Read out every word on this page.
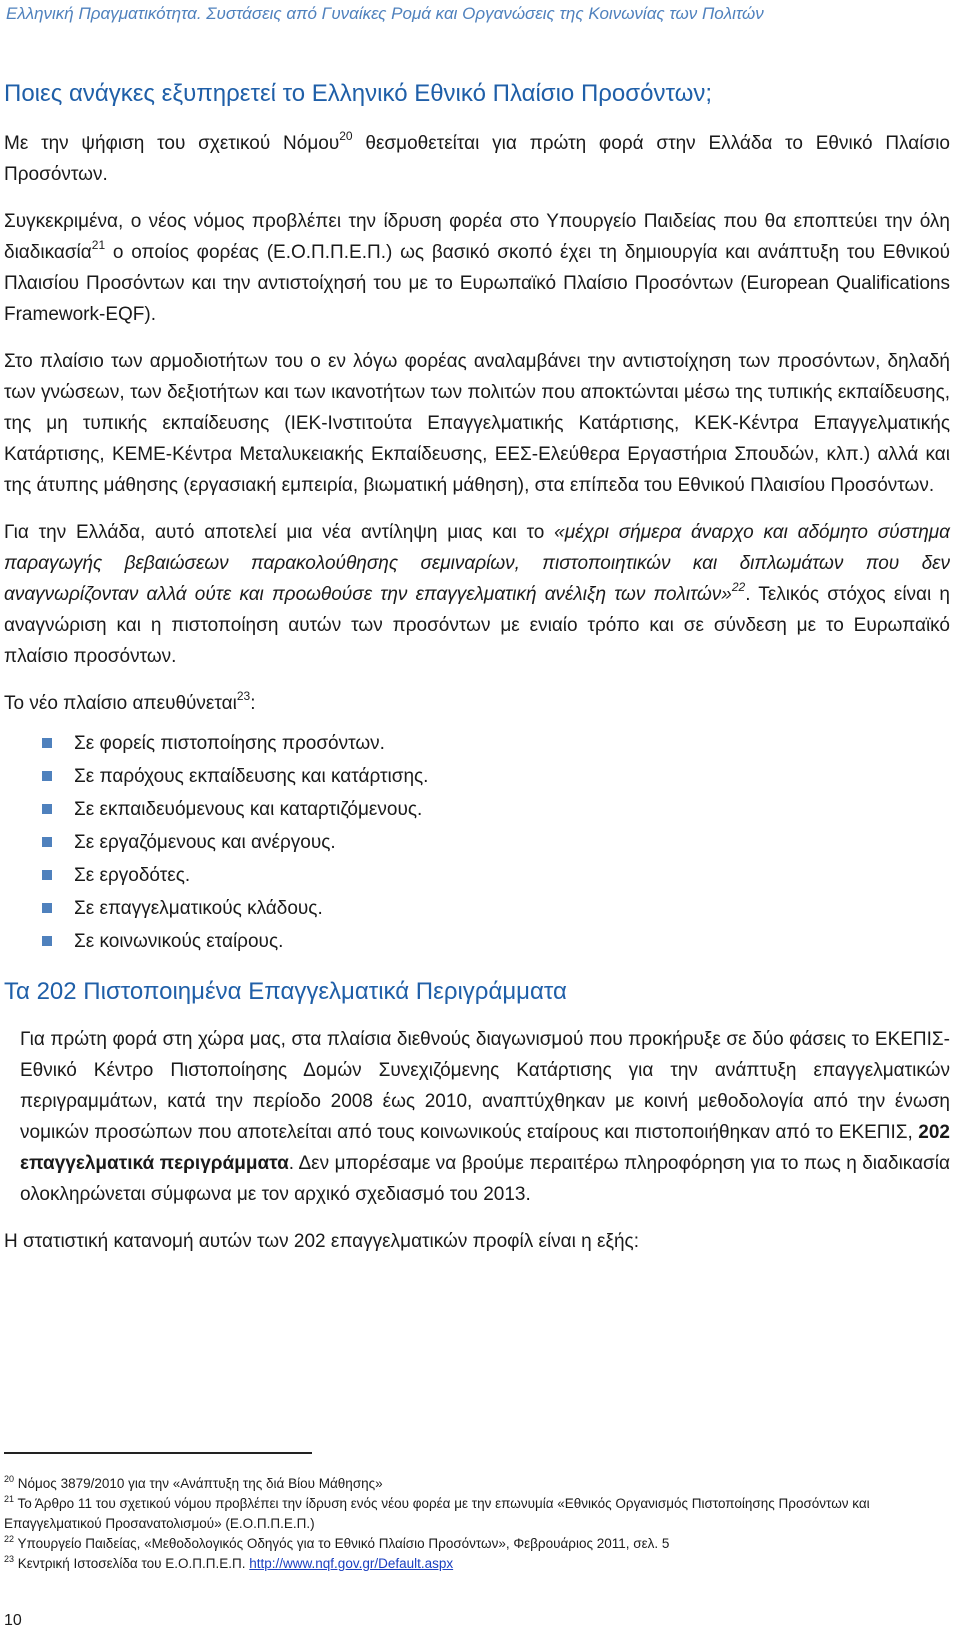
Ελληνική Πραγματικότητα. Συστάσεις από Γυναίκες Ρομά και Οργανώσεις της Κοινωνίας των Πολιτών
Ποιες ανάγκες εξυπηρετεί το Ελληνικό Εθνικό Πλαίσιο Προσόντων;

Με την ψήφιση του σχετικού Νόμου$^{20}$ θεσμοθετείται για πρώτη φορά στην Ελλάδα το Εθνικό Πλαίσιο Προσόντων.

Συγκεκριμένα, ο νέος νόμος προβλέπει την ίδρυση φορέα στο Υπουργείο Παιδείας που θα εποπτεύει την όλη διαδικασία$^{21}$ ο οποίος φορέας (Ε.Ο.Π.Π.Ε.Π.) ως βασικό σκοπό έχει τη δημιουργία και ανάπτυξη του Εθνικού Πλαισίου Προσόντων και την αντιστοίχησή του με το Ευρωπαϊκό Πλαίσιο Προσόντων (European Qualifications Framework-EQF).

Στο πλαίσιο των αρμοδιοτήτων του ο εν λόγω φορέας αναλαμβάνει την αντιστοίχηση των προσόντων, δηλαδή των γνώσεων, των δεξιοτήτων και των ικανοτήτων των πολιτών που αποκτώνται μέσω της τυπικής εκπαίδευσης, της μη τυπικής εκπαίδευσης (ΙΕΚ-Ινστιτούτα Επαγγελματικής Κατάρτισης, ΚΕΚ-Κέντρα Επαγγελματικής Κατάρτισης, ΚΕΜΕ-Κέντρα Μεταλυκειακής Εκπαίδευσης, ΕΕΣ-Ελεύθερα Εργαστήρια Σπουδών, κλπ.) αλλά και της άτυπης μάθησης (εργασιακή εμπειρία, βιωματική μάθηση), στα επίπεδα του Εθνικού Πλαισίου Προσόντων.

Για την Ελλάδα, αυτό αποτελεί μια νέα αντίληψη μιας και το «μέχρι σήμερα άναρχο και αδόμητο σύστημα παραγωγής βεβαιώσεων παρακολούθησης σεμιναρίων, πιστοποιητικών και διπλωμάτων που δεν αναγνωρίζονταν αλλά ούτε και προωθούσε την επαγγελματική ανέλιξη των πολιτών»$^{22}$. Τελικός στόχος είναι η αναγνώριση και η πιστοποίηση αυτών των προσόντων με ενιαίο τρόπο και σε σύνδεση με το Ευρωπαϊκό πλαίσιο προσόντων.

Το νέο πλαίσιο απευθύνεται$^{23}$:

Σε φορείς πιστοποίησης προσόντων.
Σε παρόχους εκπαίδευσης και κατάρτισης.
Σε εκπαιδευόμενους και καταρτιζόμενους.
Σε εργαζόμενους και ανέργους.
Σε εργοδότες.
Σε επαγγελματικούς κλάδους.
Σε κοινωνικούς εταίρους.
Τα 202 Πιστοποιημένα Επαγγελματικά Περιγράμματα

Για πρώτη φορά στη χώρα μας, στα πλαίσια διεθνούς διαγωνισμού που προκήρυξε σε δύο φάσεις το ΕΚΕΠΙΣ-Εθνικό Κέντρο Πιστοποίησης Δομών Συνεχιζόμενης Κατάρτισης για την ανάπτυξη επαγγελματικών περιγραμμάτων, κατά την περίοδο 2008 έως 2010, αναπτύχθηκαν με κοινή μεθοδολογία από την ένωση νομικών προσώπων που αποτελείται από τους κοινωνικούς εταίρους και πιστοποιήθηκαν από το ΕΚΕΠΙΣ, 202 επαγγελματικά περιγράμματα. Δεν μπορέσαμε να βρούμε περαιτέρω πληροφόρηση για το πως η διαδικασία ολοκληρώνεται σύμφωνα με τον αρχικό σχεδιασμό του 2013.

Η στατιστική κατανομή αυτών των 202 επαγγελματικών προφίλ είναι η εξής:

$^{20}$ Νόμος 3879/2010 για την «Ανάπτυξη της διά Βίου Μάθησης»

$^{21}$ Το Άρθρο 11 του σχετικού νόμου προβλέπει την ίδρυση ενός νέου φορέα με την επωνυμία «Εθνικός Οργανισμός Πιστοποίησης Προσόντων και Επαγγελματικού Προσανατολισμού» (Ε.Ο.Π.Π.Ε.Π.)

$^{22}$ Υπουργείο Παιδείας, «Μεθοδολογικός Οδηγός για το Εθνικό Πλαίσιο Προσόντων», Φεβρουάριος 2011, σελ. 5

$^{23}$ Κεντρική Ιστοσελίδα του Ε.Ο.Π.Π.Ε.Π. http://www.nqf.gov.gr/Default.aspx

10
